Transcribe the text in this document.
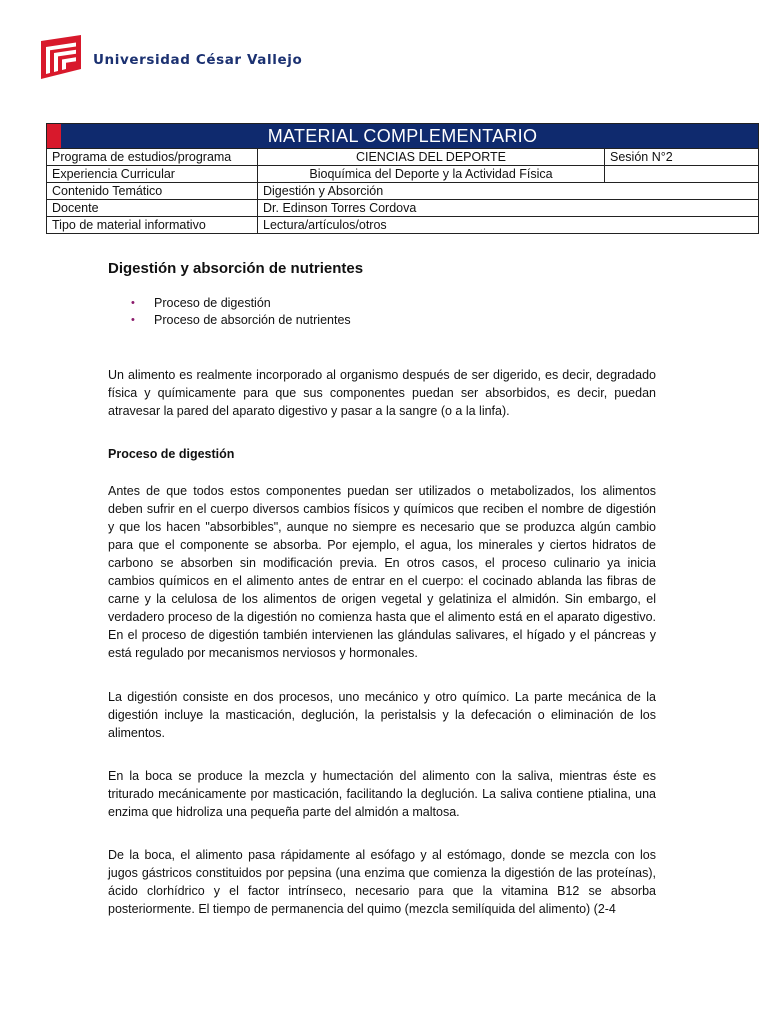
Universidad César Vallejo
MATERIAL COMPLEMENTARIO		
Programa de estudios/programa	CIENCIAS DEL DEPORTE	Sesión N°2
Experiencia Curricular	Bioquímica del Deporte y la Actividad Física	
Contenido Temático	Digestión y Absorción	
Docente	Dr. Edinson Torres Cordova	
Tipo de material informativo	Lectura/artículos/otros	
Digestión y absorción de nutrientes
• Proceso de digestión
• Proceso de absorción de nutrientes

Un alimento es realmente incorporado al organismo después de ser digerido, es decir, degradado física y químicamente para que sus componentes puedan ser absorbidos, es decir, puedan atravesar la pared del aparato digestivo y pasar a la sangre (o a la linfa).

Proceso de digestión

Antes de que todos estos componentes puedan ser utilizados o metabolizados, los alimentos deben sufrir en el cuerpo diversos cambios físicos y químicos que reciben el nombre de digestión y que los hacen "absorbibles", aunque no siempre es necesario que se produzca algún cambio para que el componente se absorba. Por ejemplo, el agua, los minerales y ciertos hidratos de carbono se absorben sin modificación previa. En otros casos, el proceso culinario ya inicia cambios químicos en el alimento antes de entrar en el cuerpo: el cocinado ablanda las fibras de carne y la celulosa de los alimentos de origen vegetal y gelatiniza el almidón. Sin embargo, el verdadero proceso de la digestión no comienza hasta que el alimento está en el aparato digestivo. En el proceso de digestión también intervienen las glándulas salivares, el hígado y el páncreas y está regulado por mecanismos nerviosos y hormonales.

La digestión consiste en dos procesos, uno mecánico y otro químico. La parte mecánica de la digestión incluye la masticación, deglución, la peristalsis y la defecación o eliminación de los alimentos.

En la boca se produce la mezcla y humectación del alimento con la saliva, mientras éste es triturado mecánicamente por masticación, facilitando la deglución. La saliva contiene ptialina, una enzima que hidroliza una pequeña parte del almidón a maltosa.

De la boca, el alimento pasa rápidamente al esófago y al estómago, donde se mezcla con los jugos gástricos constituidos por pepsina (una enzima que comienza la digestión de las proteínas), ácido clorhídrico y el factor intrínseco, necesario para que la vitamina B12 se absorba posteriormente. El tiempo de permanencia del quimo (mezcla semilíquida del alimento) (2-4
